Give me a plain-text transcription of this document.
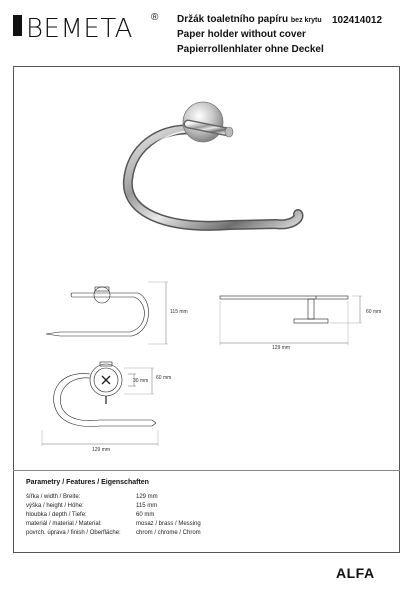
BEMETA ® Držák toaletního papíru bez krytu
Paper holder without cover
Papierrollenhlater ohne Deckel
102414012
115 mm	60 mm
129 mm
60 mm
30 mm
129 mm
Parametry / Features / Eigenschaften
šířka / width / Breite:	129 mm
výška / height / Höhe:	115 mm
hloubka / depth / Tiefe:	60 mm
materiál / material / Material:	mosaz / brass / Messing
povrch. úprava / finish / Oberfläche:	chrom / chrome / Chrom
ALFA
